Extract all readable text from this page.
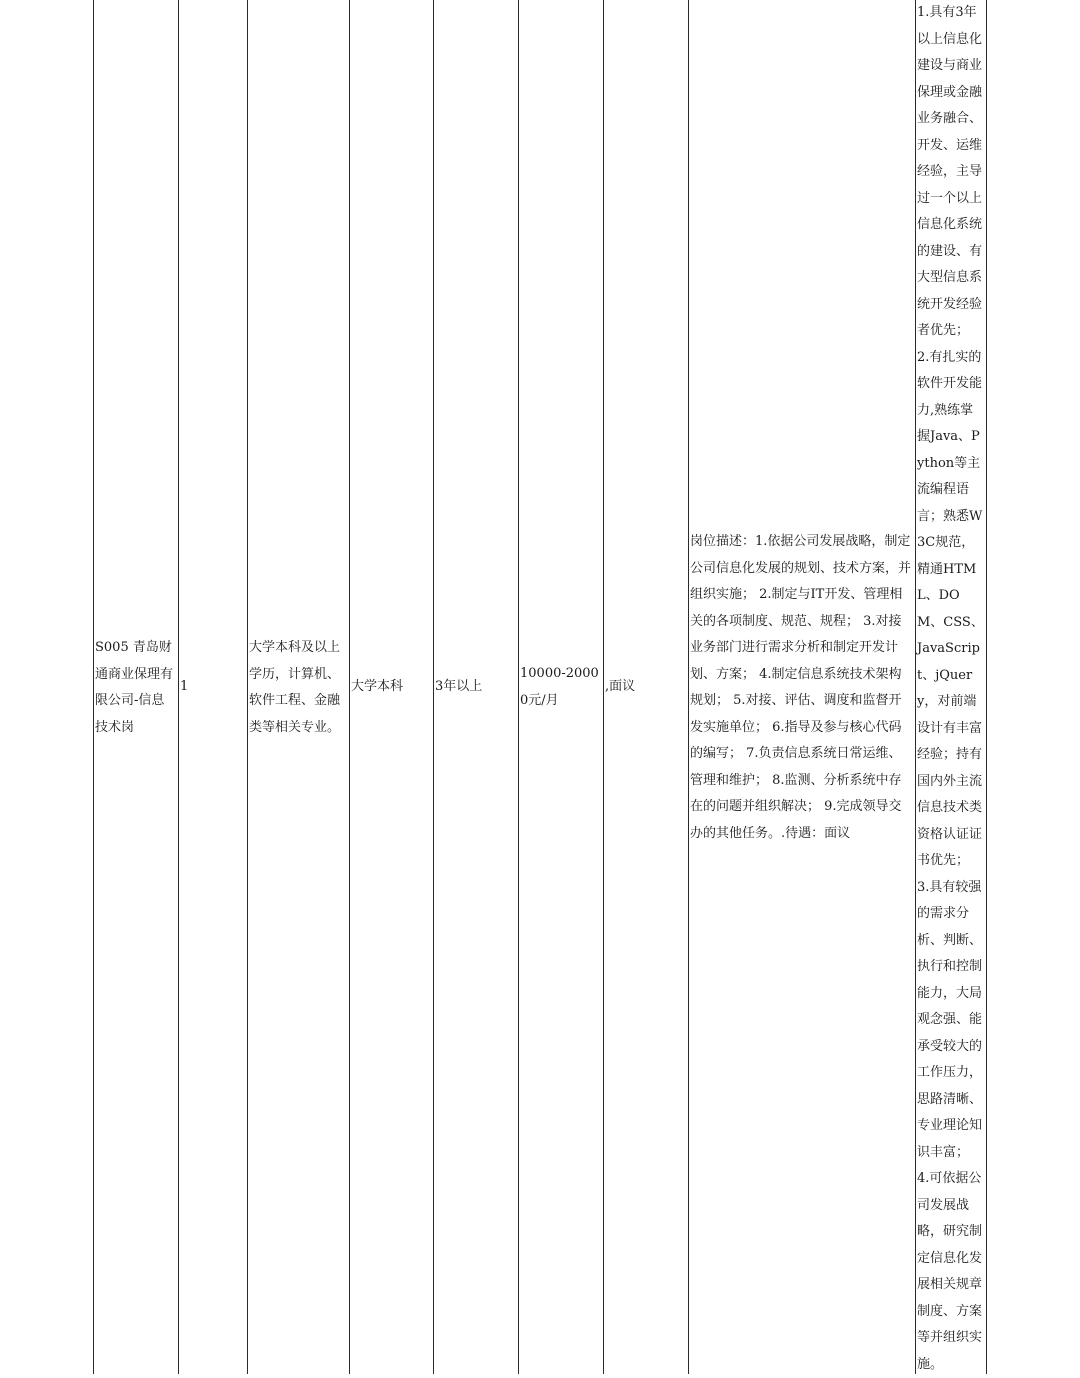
S005 青岛财通商业保理有限公司-信息技术岗
1
大学本科及以上学历，计算机、软件工程、金融类等相关专业。
大学本科	3年以上
10000-20000元/月
,面议
岗位描述：1.依据公司发展战略，制定公司信息化发展的规划、技术方案，并组织实施； 2.制定与IT开发、管理相关的各项制度、规范、规程； 3.对接业务部门进行需求分析和制定开发计划、方案； 4.制定信息系统技术架构规划； 5.对接、评估、调度和监督开发实施单位； 6.指导及参与核心代码的编写； 7.负责信息系统日常运维、管理和维护； 8.监测、分析系统中存在的问题并组织解决； 9.完成领导交办的其他任务。.待遇：面议
1.具有3年以上信息化建设与商业保理或金融业务融合、开发、运维经验，主导过一个以上信息化系统的建设、有大型信息系统开发经验者优先； 2.有扎实的软件开发能力,熟练掌握Java、Python等主流编程语言；熟悉W3C规范，精通HTML、DOM、CSS、JavaScript、jQuery，对前端设计有丰富经验；持有国内外主流信息技术类资格认证证书优先； 3.具有较强的需求分析、判断、执行和控制能力，大局观念强、能承受较大的工作压力，思路清晰、专业理论知识丰富； 4.可依据公司发展战略，研究制定信息化发展相关规章制度、方案等并组织实施。
